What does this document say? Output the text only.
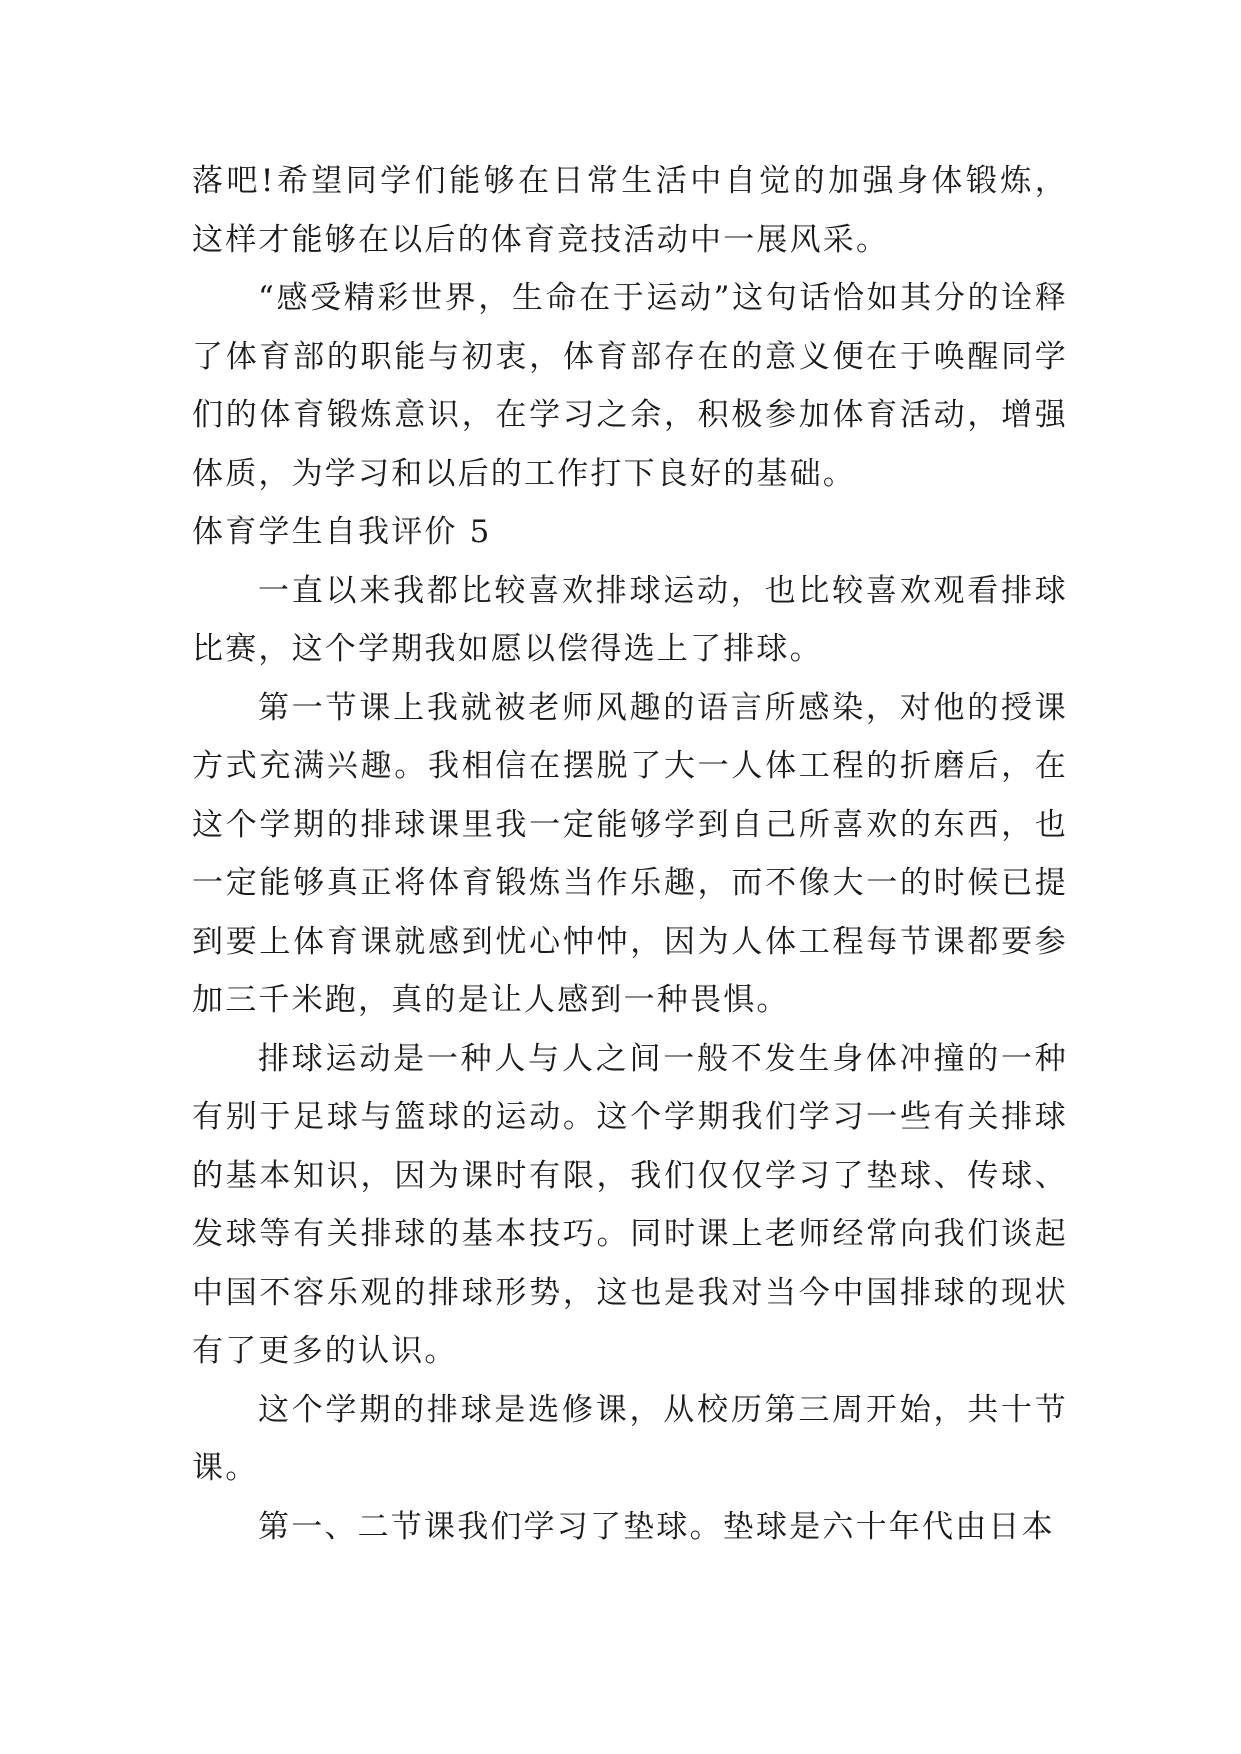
落吧!希望同学们能够在日常生活中自觉的加强身体锻炼，这样才能够在以后的体育竞技活动中一展风采。

“感受精彩世界，生命在于运动”这句话恰如其分的诠释了体育部的职能与初衷，体育部存在的意义便在于唤醒同学们的体育锻炼意识，在学习之余，积极参加体育活动，增强体质，为学习和以后的工作打下良好的基础。

体育学生自我评价 5

一直以来我都比较喜欢排球运动，也比较喜欢观看排球比赛，这个学期我如愿以偿得选上了排球。

第一节课上我就被老师风趣的语言所感染，对他的授课方式充满兴趣。我相信在摆脱了大一人体工程的折磨后，在这个学期的排球课里我一定能够学到自己所喜欢的东西，也一定能够真正将体育锻炼当作乐趣，而不像大一的时候已提到要上体育课就感到忧心忡忡，因为人体工程每节课都要参加三千米跑，真的是让人感到一种畏惧。

排球运动是一种人与人之间一般不发生身体冲撞的一种有别于足球与篮球的运动。这个学期我们学习一些有关排球的基本知识，因为课时有限，我们仅仅学习了垫球、传球、发球等有关排球的基本技巧。同时课上老师经常向我们谈起中国不容乐观的排球形势，这也是我对当今中国排球的现状有了更多的认识。

这个学期的排球是选修课，从校历第三周开始，共十节课。

第一、二节课我们学习了垫球。垫球是六十年代由日本
